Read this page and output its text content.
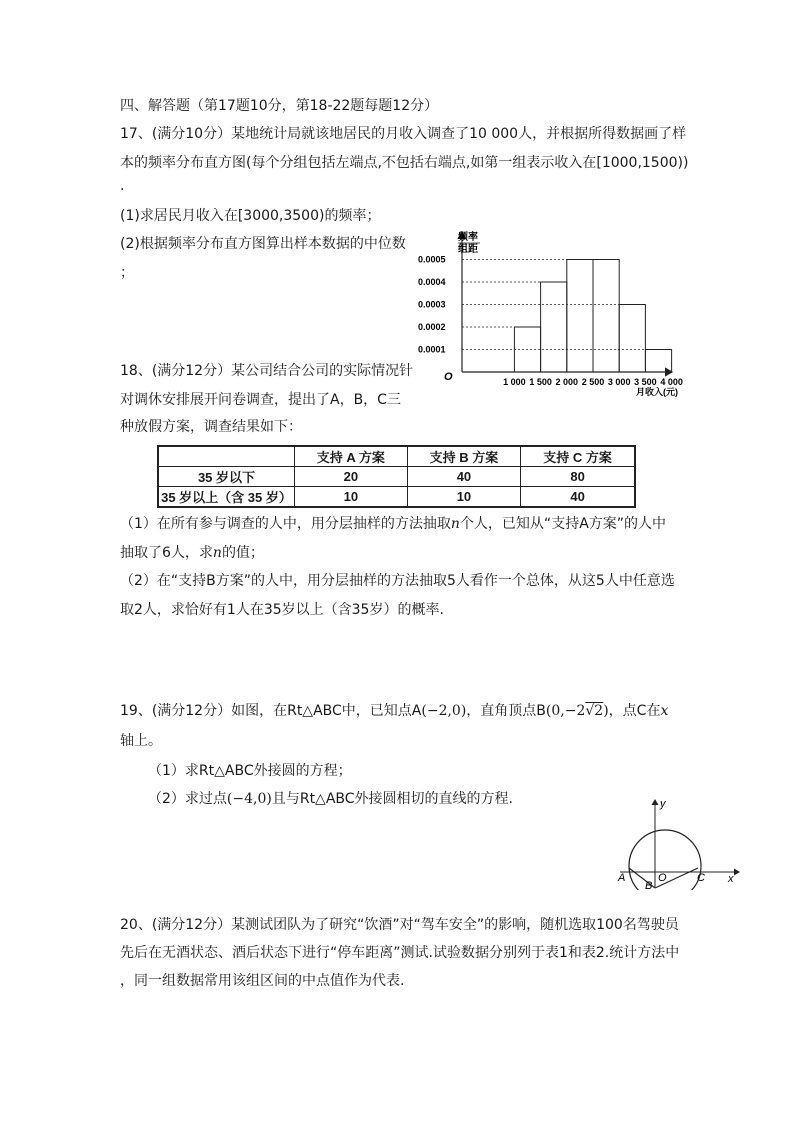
四、解答题（第17题10分，第18-22题每题12分）
17、(满分10分）某地统计局就该地居民的月收入调查了10 000人，并根据所得数据画了样
本的频率分布直方图(每个分组包括左端点,不包括右端点,如第一组表示收入在[1000,1500))
.
(1)求居民月收入在[3000,3500)的频率；
(2)根据频率分布直方图算出样本数据的中位数
；
0.0001
0.0002
0.0003
0.0004
0.0005
1 000 1 500 2 000 2 500 3 000 3 500 4 000
频率
组距
O
月收入(元)
18、(满分12分）某公司结合公司的实际情况针
对调休安排展开问卷调查，提出了A，B，C三
种放假方案，调查结果如下：
	支持 A 方案	支持 B 方案	支持 C 方案
35 岁以下	20	40	80
35 岁以上（含 35 岁）	10	10	40
（1）在所有参与调查的人中，用分层抽样的方法抽取n个人，已知从“支持A方案”的人中
抽取了6人，求n的值；
（2）在“支持B方案”的人中，用分层抽样的方法抽取5人看作一个总体，从这5人中任意选
取2人，求恰好有1人在35岁以上（含35岁）的概率.
19、(满分12分）如图，在Rt△ABC中，已知点A(−2,0)，直角顶点B(0,−2√2)，点C在x
轴上。
（1）求Rt△ABC外接圆的方程；
（2）求过点(−4,0)且与Rt△ABC外接圆相切的直线的方程.	y
x
A	O	C
B
20、(满分12分）某测试团队为了研究“饮酒”对“驾车安全”的影响，随机选取100名驾驶员
先后在无酒状态、酒后状态下进行“停车距离”测试.试验数据分别列于表1和表2.统计方法中
，同一组数据常用该组区间的中点值作为代表.
